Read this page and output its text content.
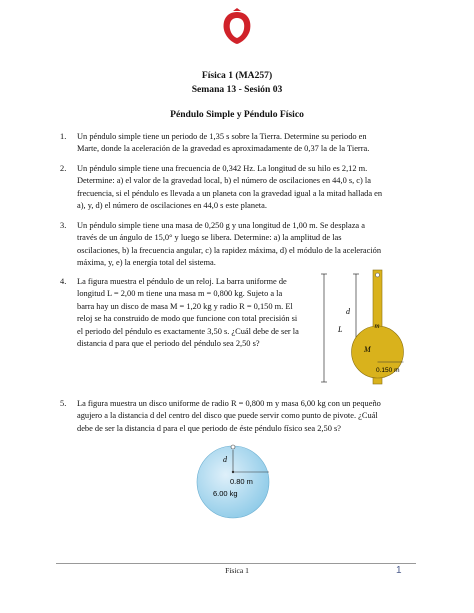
Física 1 (MA257)
Semana 13 - Sesión 03
Péndulo Simple y Péndulo Físico
1. Un péndulo simple tiene un periodo de 1,35 s sobre la Tierra. Determine su periodo en
Marte, donde la aceleración de la gravedad es aproximadamente de 0,37 la de la Tierra.
2. Un péndulo simple tiene una frecuencia de 0,342 Hz. La longitud de su hilo es 2,12 m.
Determine: a) el valor de la gravedad local, b) el número de oscilaciones en 44,0 s, c) la
frecuencia, si el péndulo es llevada a un planeta con la gravedad igual a la mitad hallada en
a), y, d) el número de oscilaciones en 44,0 s este planeta.
3. Un péndulo simple tiene una masa de 0,250 g y una longitud de 1,00 m. Se desplaza a
través de un ángulo de 15,0° y luego se libera. Determine: a) la amplitud de las
oscilaciones, b) la frecuencia angular, c) la rapidez máxima, d) el módulo de la aceleración
máxima, y, e) la energía total del sistema.
4. La figura muestra el péndulo de un reloj. La barra uniforme de
longitud L = 2,00 m tiene una masa m = 0,800 kg. Sujeto a la
barra hay un disco de masa M = 1,20 kg y radio R = 0,150 m. El
reloj se ha construido de modo que funcione con total precisión si
el periodo del péndulo es exactamente 3,50 s. ¿Cuál debe de ser la
distancia d para que el periodo del péndulo sea 2,50 s?
L
d
m
M
0.150 m
5. La figura muestra un disco uniforme de radio R = 0,800 m y masa 6,00 kg con un pequeño
agujero a la distancia d del centro del disco que puede servir como punto de pivote. ¿Cuál
debe de ser la distancia d para el que periodo de éste péndulo físico sea 2,50 s?
d
0.80 m
6.00 kg
Física 1	1
